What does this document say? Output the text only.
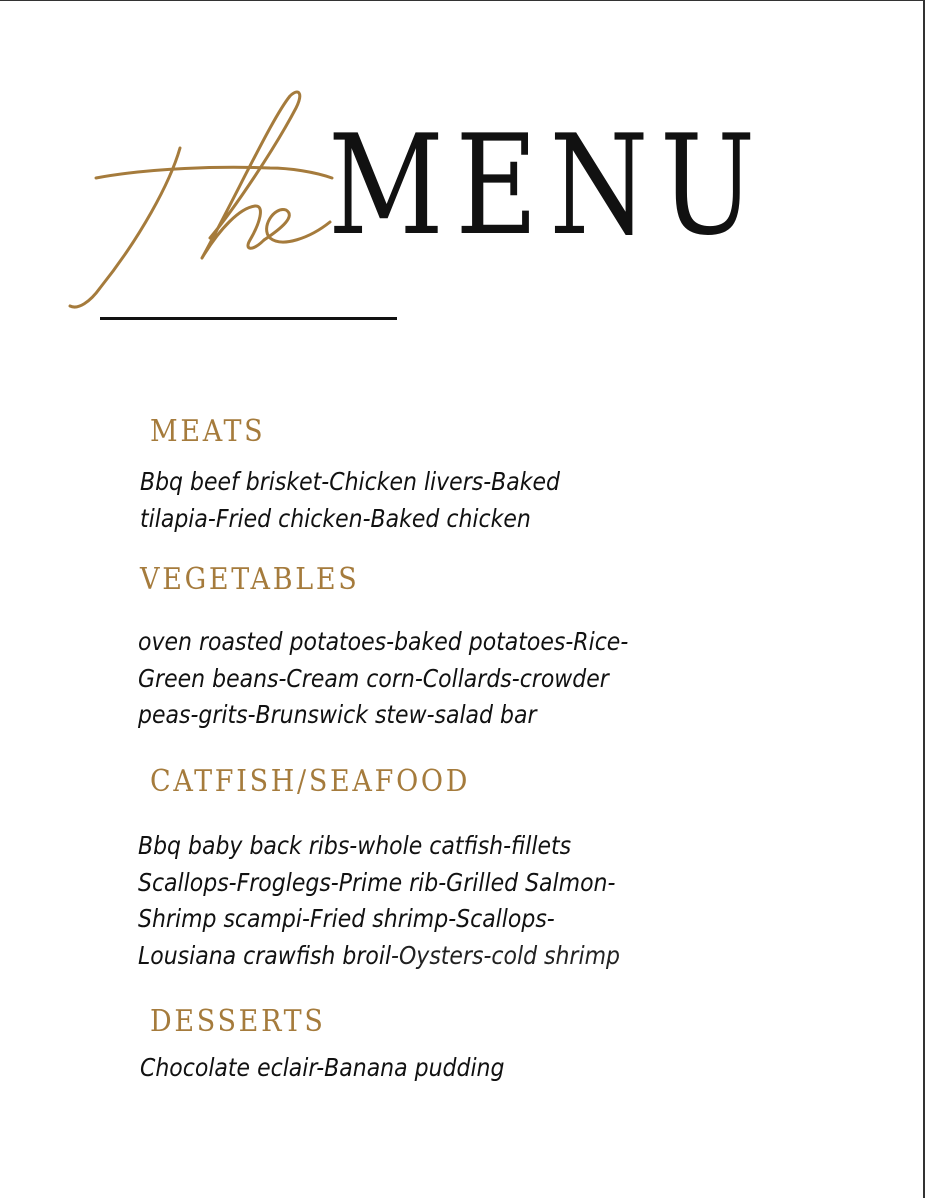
MENU
MEATS
Bbq beef brisket-Chicken livers-Baked
tilapia-Fried chicken-Baked chicken
VEGETABLES
oven roasted potatoes-baked potatoes-Rice-
Green beans-Cream corn-Collards-crowder
peas-grits-Brunswick stew-salad bar
CATFISH/SEAFOOD
Bbq baby back ribs-whole catfish-fillets
Scallops-Froglegs-Prime rib-Grilled Salmon-
Shrimp scampi-Fried shrimp-Scallops-
Lousiana crawfish broil-Oysters-cold shrimp
DESSERTS
Chocolate eclair-Banana pudding
